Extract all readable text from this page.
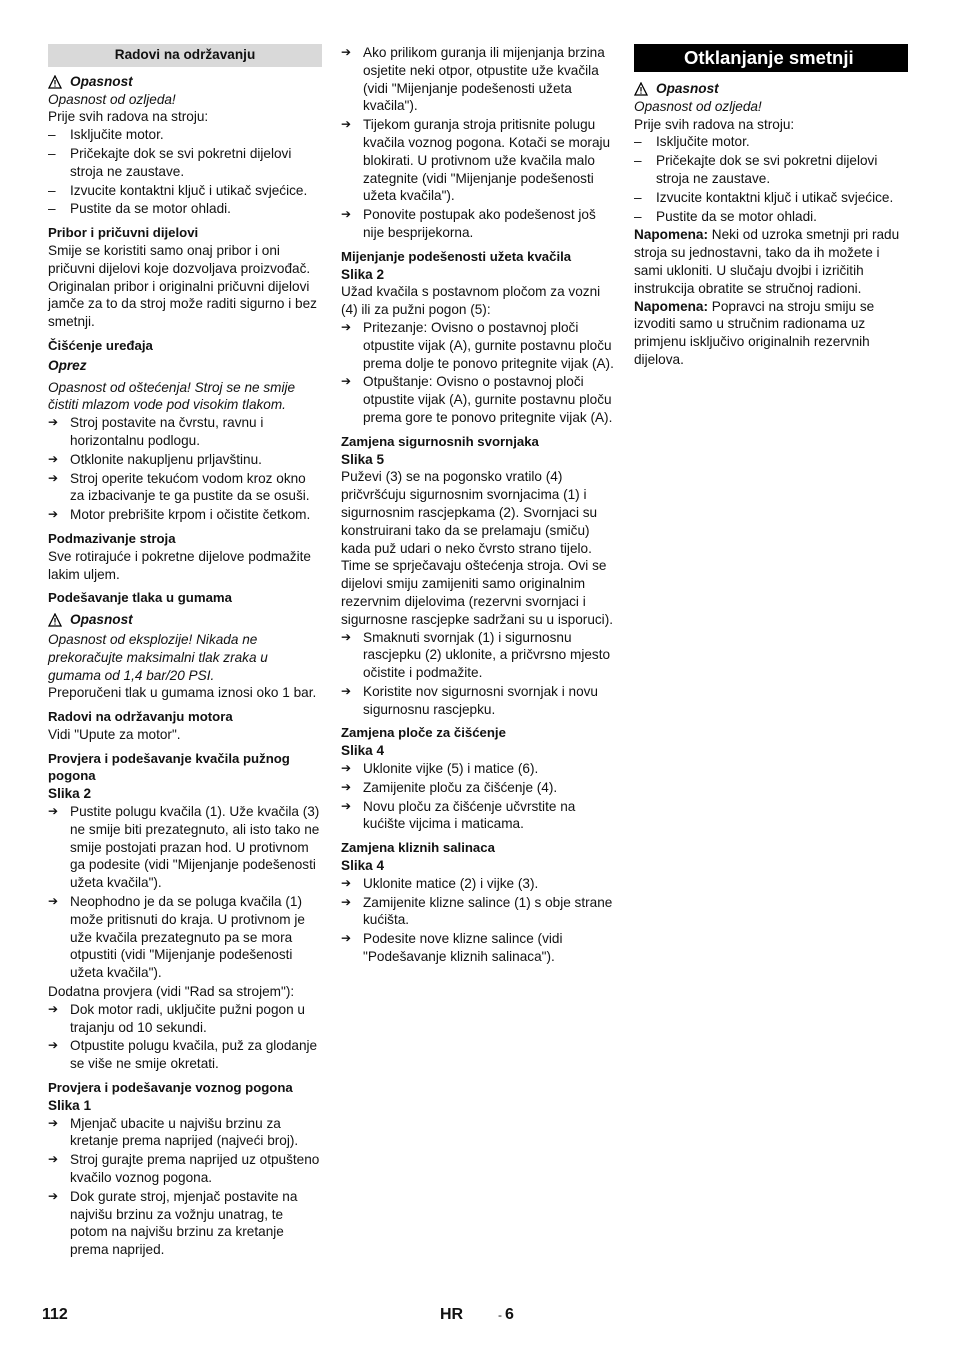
Radovi na održavanju
Opasnost

Opasnost od ozljeda!

Prije svih radova na stroju:

– Isključite motor.
– Pričekajte dok se svi pokretni dijelovi stroja ne zaustave.
– Izvucite kontaktni ključ i utikač svjećice.
– Pustite da se motor ohladi.
Pribor i pričuvni dijelovi

Smije se koristiti samo onaj pribor i oni pričuvni dijelovi koje dozvoljava proizvođač. Originalan pribor i originalni pričuvni dijelovi jamče za to da stroj može raditi sigurno i bez smetnji.

Čišćenje uređaja

Oprez

Opasnost od oštećenja! Stroj se ne smije čistiti mlazom vode pod visokim tlakom.

➔ Stroj postavite na čvrstu, ravnu i horizontalnu podlogu.
➔ Otklonite nakupljenu prljavštinu.
➔ Stroj operite tekućom vodom kroz okno za izbacivanje te ga pustite da se osuši.
➔ Motor prebrišite krpom i očistite četkom.
Podmazivanje stroja

Sve rotirajuće i pokretne dijelove podmažite lakim uljem.

Podešavanje tlaka u gumama
Opasnost

Opasnost od eksplozije! Nikada ne prekoračujte maksimalni tlak zraka u gumama od 1,4 bar/20 PSI.

Preporučeni tlak u gumama iznosi oko 1 bar.

Radovi na održavanju motora

Vidi "Upute za motor".

Provjera i podešavanje kvačila pužnog pogona

Slika 2

➔ Pustite polugu kvačila (1). Uže kvačila (3) ne smije biti prezategnuto, ali isto tako ne smije postojati prazan hod. U protivnom ga podesite (vidi "Mijenjanje podešenosti užeta kvačila").
➔ Neophodno je da se poluga kvačila (1) može pritisnuti do kraja. U protivnom je uže kvačila prezategnuto pa se mora otpustiti (vidi "Mijenjanje podešenosti užeta kvačila").

Dodatna provjera (vidi "Rad sa strojem"):

➔ Dok motor radi, uključite pužni pogon u trajanju od 10 sekundi.
➔ Otpustite polugu kvačila, puž za glodanje se više ne smije okretati.
Provjera i podešavanje voznog pogona

Slika 1

➔ Mjenjač ubacite u najvišu brzinu za kretanje prema naprijed (najveći broj).
➔ Stroj gurajte prema naprijed uz otpušteno kvačilo voznog pogona.
➔ Dok gurate stroj, mjenjač postavite na najvišu brzinu za vožnju unatrag, te potom na najvišu brzinu za kretanje prema naprijed.
➔ Ako prilikom guranja ili mijenjanja brzina osjetite neki otpor, otpustite uže kvačila (vidi "Mijenjanje podešenosti užeta kvačila").
➔ Tijekom guranja stroja pritisnite polugu kvačila voznog pogona. Kotači se moraju blokirati. U protivnom uže kvačila malo zategnite (vidi "Mijenjanje podešenosti užeta kvačila").
➔ Ponovite postupak ako podešenost još nije besprijekorna.
Mijenjanje podešenosti užeta kvačila

Slika 2

Užad kvačila s postavnom pločom za vozni (4) ili za pužni pogon (5):

➔ Pritezanje: Ovisno o postavnoj ploči otpustite vijak (A), gurnite postavnu ploču prema dolje te ponovo pritegnite vijak (A).
➔ Otpuštanje: Ovisno o postavnoj ploči otpustite vijak (A), gurnite postavnu ploču prema gore te ponovo pritegnite vijak (A).
Zamjena sigurnosnih svornjaka

Slika 5

Puževi (3) se na pogonsko vratilo (4) pričvršćuju sigurnosnim svornjacima (1) i sigurnosnim rascjepkama (2). Svornjaci su konstruirani tako da se prelamaju (smiču) kada puž udari o neko čvrsto strano tijelo. Time se sprječavaju oštećenja stroja. Ovi se dijelovi smiju zamijeniti samo originalnim rezervnim dijelovima (rezervni svornjaci i sigurnosne rascjepke sadržani su u isporuci).

➔ Smaknuti svornjak (1) i sigurnosnu rascjepku (2) uklonite, a pričvrsno mjesto očistite i podmažite.
➔ Koristite nov sigurnosni svornjak i novu sigurnosnu rascjepku.
Zamjena ploče za čišćenje

Slika 4

➔ Uklonite vijke (5) i matice (6).
➔ Zamijenite ploču za čišćenje (4).
➔ Novu ploču za čišćenje učvrstite na kućište vijcima i maticama.
Zamjena kliznih salinaca

Slika 4

➔ Uklonite matice (2) i vijke (3).
➔ Zamijenite klizne salince (1) s obje strane kućišta.
➔ Podesite nove klizne salince (vidi "Podešavanje kliznih salinaca").
Otklanjanje smetnji
Opasnost

Opasnost od ozljeda!

Prije svih radova na stroju:

– Isključite motor.
– Pričekajte dok se svi pokretni dijelovi stroja ne zaustave.
– Izvucite kontaktni ključ i utikač svjećice.
– Pustite da se motor ohladi.

Napomena: Neki od uzroka smetnji pri radu stroja su jednostavni, tako da ih možete i sami ukloniti. U slučaju dvojbi i izričitih instrukcija obratite se stručnoj radioni.

Napomena: Popravci na stroju smiju se izvoditi samo u stručnim radionama uz primjenu isključivo originalnih rezervnih dijelova.

112	HR	- 6
